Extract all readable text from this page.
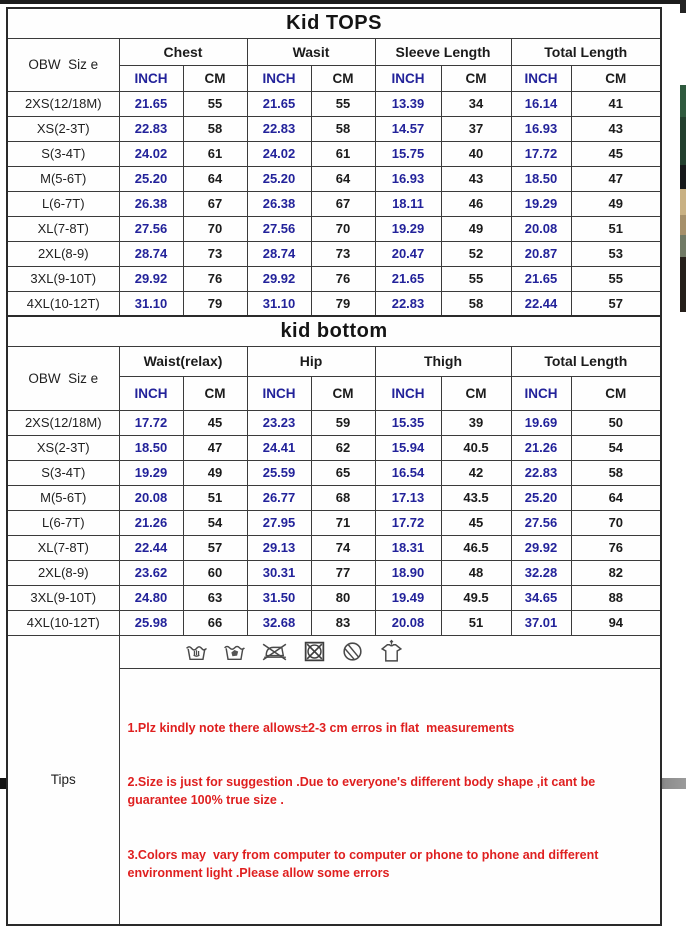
Kid TOPS								
OBW  Siz e	Chest		Wasit		Sleeve Length		Total Length	
	INCH	CM	INCH	CM	INCH	CM	INCH	CM
2XS(12/18M)	21.65	55	21.65	55	13.39	34	16.14	41
XS(2-3T)	22.83	58	22.83	58	14.57	37	16.93	43
S(3-4T)	24.02	61	24.02	61	15.75	40	17.72	45
M(5-6T)	25.20	64	25.20	64	16.93	43	18.50	47
L(6-7T)	26.38	67	26.38	67	18.11	46	19.29	49
XL(7-8T)	27.56	70	27.56	70	19.29	49	20.08	51
2XL(8-9)	28.74	73	28.74	73	20.47	52	20.87	53
3XL(9-10T)	29.92	76	29.92	76	21.65	55	21.65	55
4XL(10-12T)	31.10	79	31.10	79	22.83	58	22.44	57
kid bottom								
OBW  Siz e	Waist(relax)		Hip		Thigh		Total Length	
	INCH	CM	INCH	CM	INCH	CM	INCH	CM
2XS(12/18M)	17.72	45	23.23	59	15.35	39	19.69	50
XS(2-3T)	18.50	47	24.41	62	15.94	40.5	21.26	54
S(3-4T)	19.29	49	25.59	65	16.54	42	22.83	58
M(5-6T)	20.08	51	26.77	68	17.13	43.5	25.20	64
L(6-7T)	21.26	54	27.95	71	17.72	45	27.56	70
XL(7-8T)	22.44	57	29.13	74	18.31	46.5	29.92	76
2XL(8-9)	23.62	60	30.31	77	18.90	48	32.28	82
3XL(9-10T)	24.80	63	31.50	80	19.49	49.5	34.65	88
4XL(10-12T)	25.98	66	32.68	83	20.08	51	37.01	94
Tips	1.Plz kindly note there allows±2-3 cm erros in flat  measurements

2.Size is just for suggestion .Due to everyone's different body shape ,it cant be guarantee 100% true size .

3.Colors may  vary from computer to computer or phone to phone and different environment light .Please allow some errors							
